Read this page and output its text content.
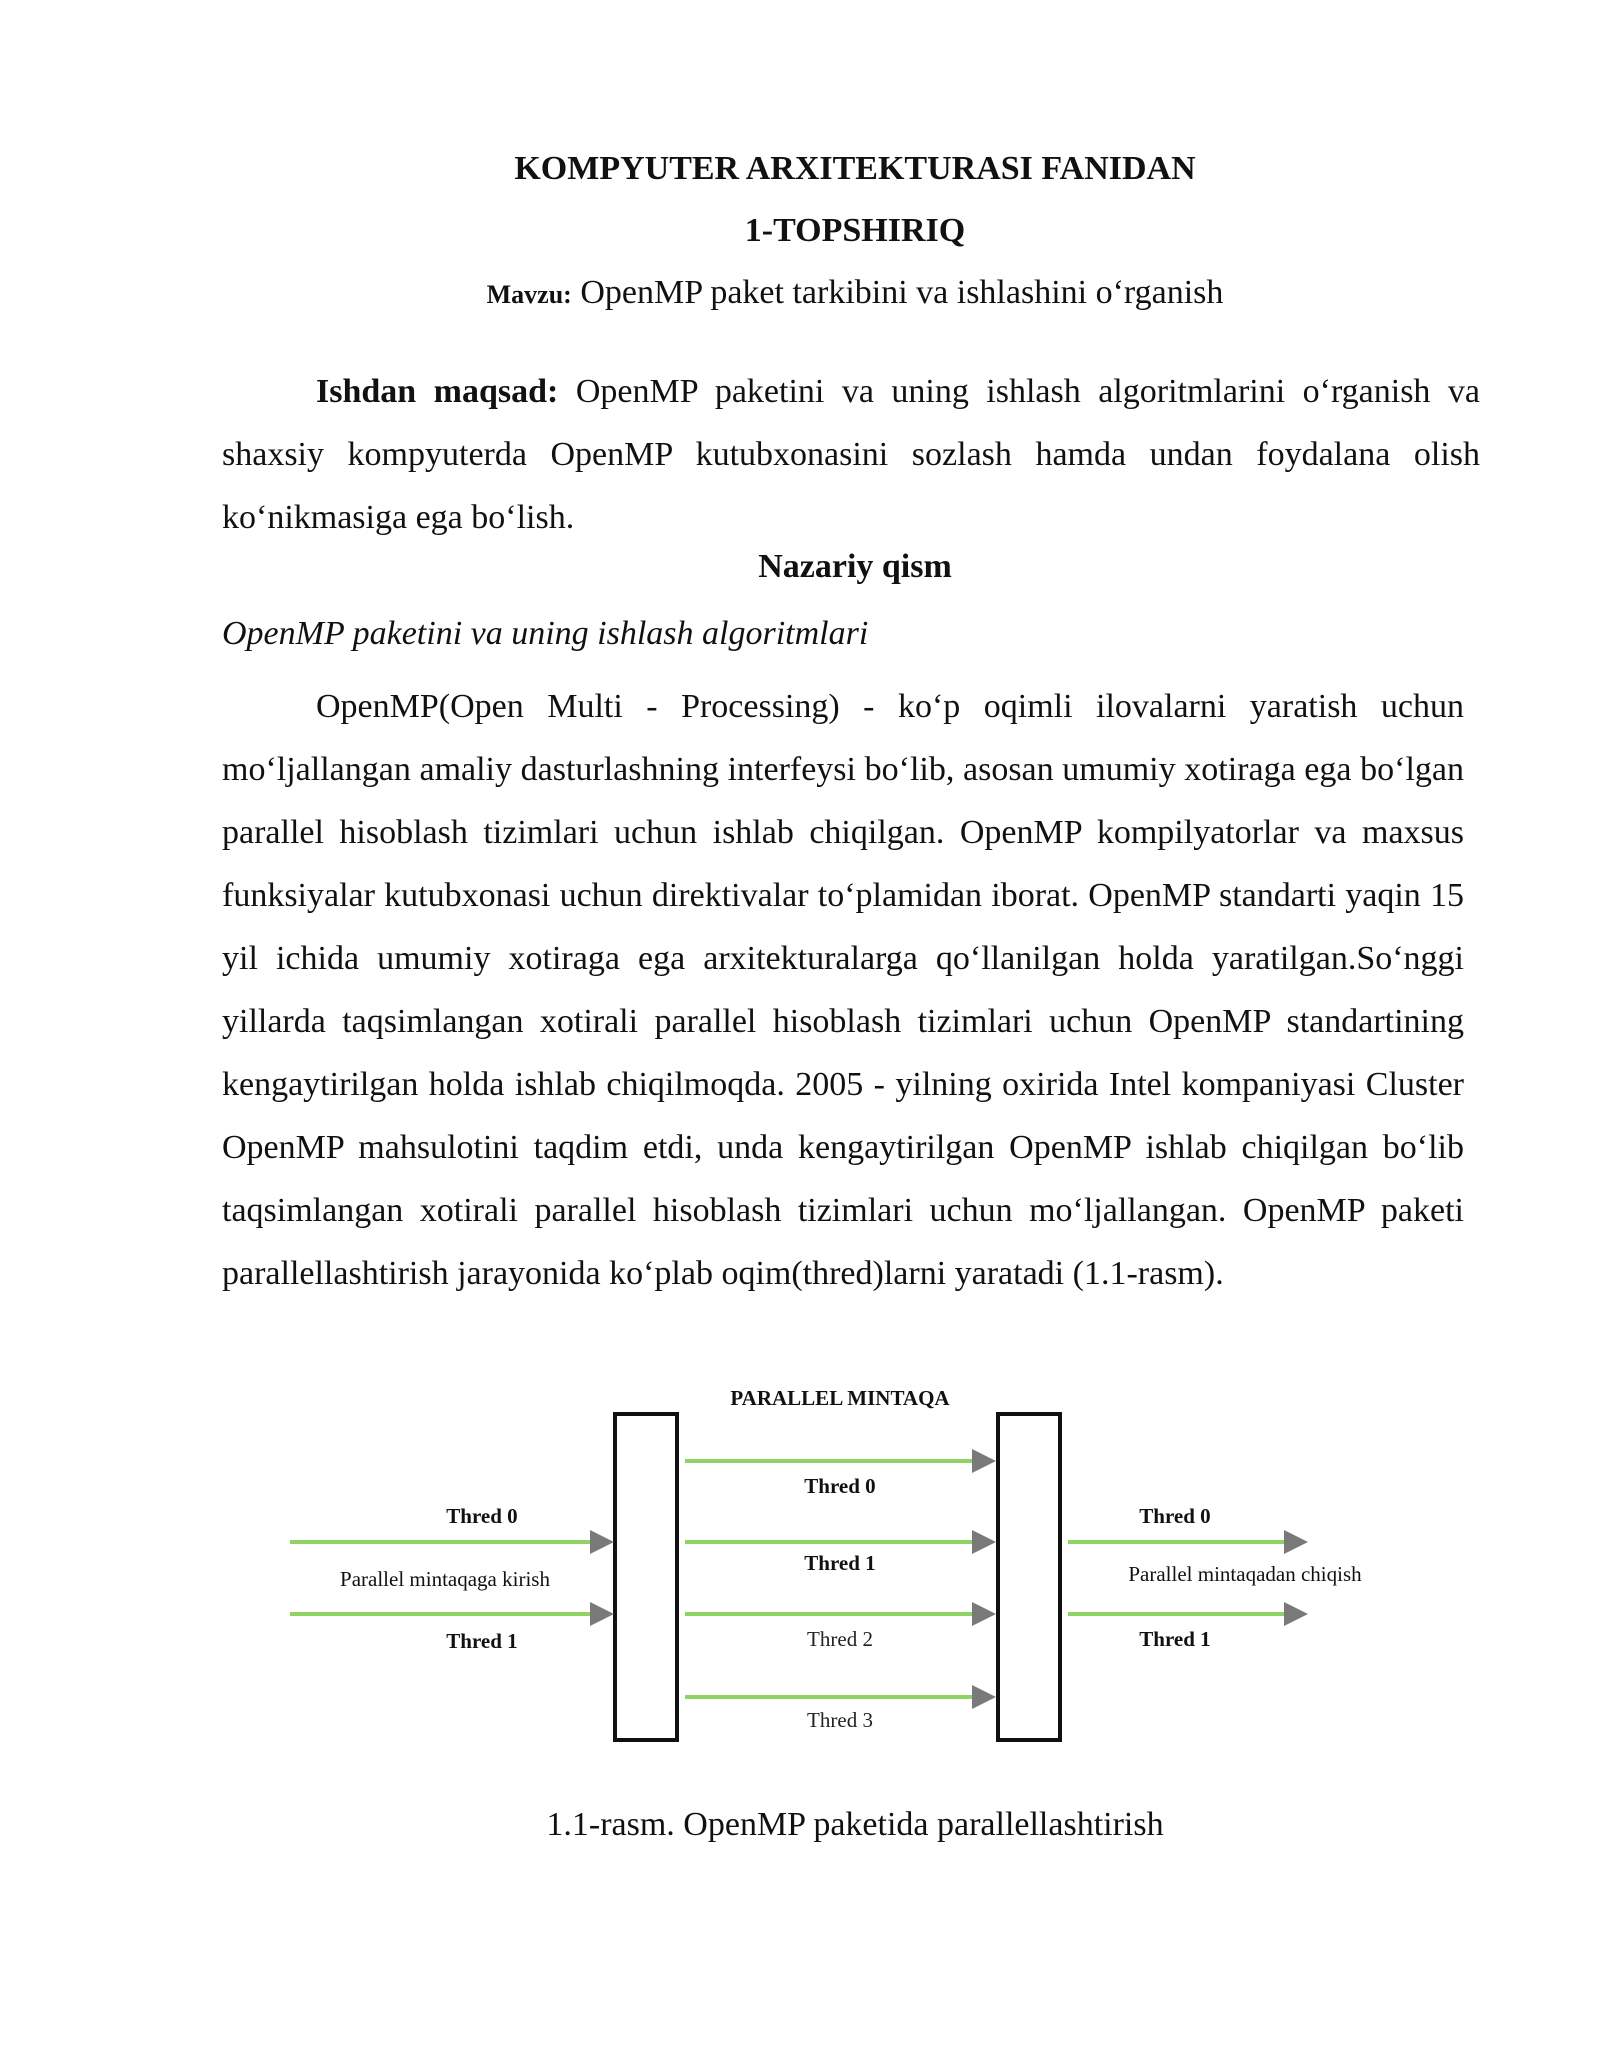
KOMPYUTER ARXITEKTURASI FANIDAN
1-TOPSHIRIQ
Mavzu: OpenMP paket tarkibini va ishlashini o‘rganish
Ishdan maqsad: OpenMP paketini va uning ishlash algoritmlarini o‘rganish va shaxsiy kompyuterda OpenMP kutubxonasini sozlash hamda undan foydalana olish ko‘nikmasiga ega bo‘lish.
Nazariy qism
OpenMP paketini va uning ishlash algoritmlari
OpenMP(Open Multi - Processing) - ko‘p oqimli ilovalarni yaratish uchun mo‘ljallangan amaliy dasturlashning interfeysi bo‘lib, asosan umumiy xotiraga ega bo‘lgan parallel hisoblash tizimlari uchun ishlab chiqilgan. OpenMP kompilyatorlar va maxsus funksiyalar kutubxonasi uchun direktivalar to‘plamidan iborat. OpenMP standarti yaqin 15 yil ichida umumiy xotiraga ega arxitekturalarga qo‘llanilgan holda yaratilgan.So‘nggi yillarda taqsimlangan xotirali parallel hisoblash tizimlari uchun OpenMP standartining kengaytirilgan holda ishlab chiqilmoqda. 2005 - yilning oxirida Intel kompaniyasi Cluster OpenMP mahsulotini taqdim etdi, unda kengaytirilgan OpenMP ishlab chiqilgan bo‘lib taqsimlangan xotirali parallel hisoblash tizimlari uchun mo‘ljallangan. OpenMP paketi parallellashtirish jarayonida ko‘plab oqim(thred)larni yaratadi (1.1-rasm).
PARALLEL MINTAQA
Thred 0
Parallel mintaqaga kirish
Thred 1
Thred 0
Thred 1
Thred 2
Thred 3
Thred 0
Parallel mintaqadan chiqish
Thred 1
1.1-rasm. OpenMP paketida parallellashtirish
